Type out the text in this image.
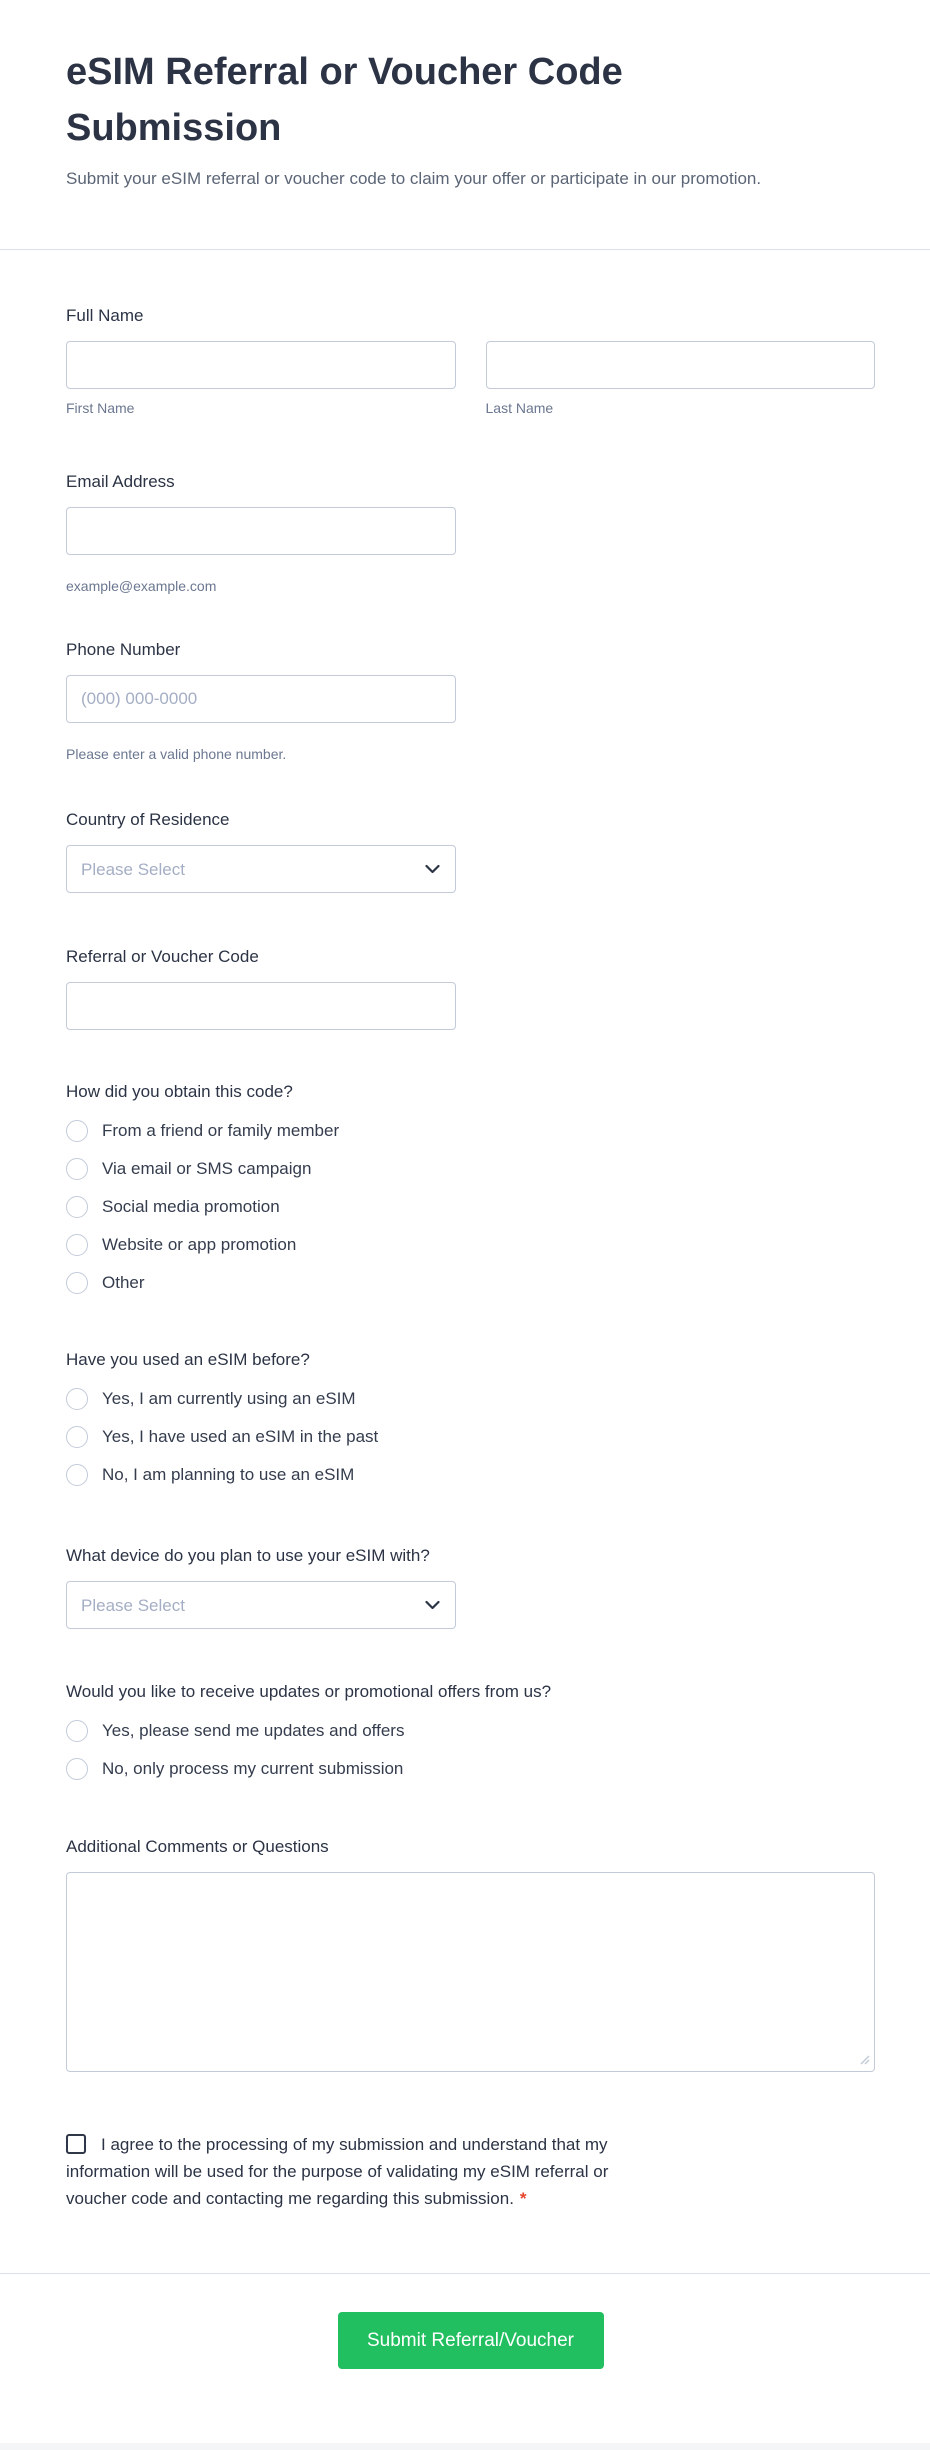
eSIM Referral or Voucher Code Submission

Submit your eSIM referral or voucher code to claim your offer or participate in our promotion.

Full Name
First Name	Last Name
Email Address
example@example.com
Phone Number
(000) 000-0000
Please enter a valid phone number.
Country of Residence
Please Select
Referral or Voucher Code
How did you obtain this code?
From a friend or family member
Via email or SMS campaign
Social media promotion
Website or app promotion
Other
Have you used an eSIM before?
Yes, I am currently using an eSIM
Yes, I have used an eSIM in the past
No, I am planning to use an eSIM
What device do you plan to use your eSIM with?
Please Select
Would you like to receive updates or promotional offers from us?
Yes, please send me updates and offers
No, only process my current submission
Additional Comments or Questions
I agree to the processing of my submission and understand that my
information will be used for the purpose of validating my eSIM referral or
voucher code and contacting me regarding this submission. *
Submit Referral/Voucher
